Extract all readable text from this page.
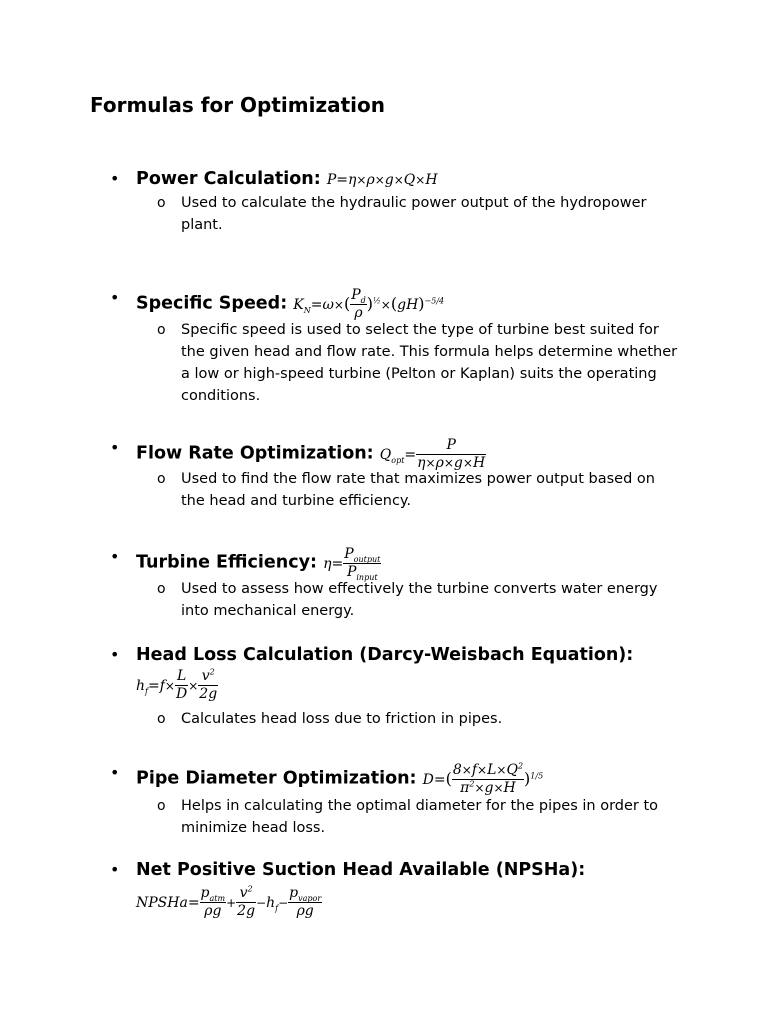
Formulas for Optimization
• Power Calculation: P=η×ρ×g×Q×H
o Used to calculate the hydraulic power output of the hydropower plant.
• Specific Speed: $K_N=\omega\times( \frac{P_d}{\rho} )^{\frac{1}{2}}\times(gH)^{-5/4}$
o Specific speed is used to select the type of turbine best suited for the given head and flow rate. This formula helps determine whether a low or high-speed turbine (Pelton or Kaplan) suits the operating conditions.
• Flow Rate Optimization: $Q_{opt}= \frac{P}{\eta\times\rho\times g\times H}$
o Used to find the flow rate that maximizes power output based on the head and turbine efficiency.
• Turbine Efficiency: $\eta= \frac{P_{output}}{P_{input}}$
o Used to assess how effectively the turbine converts water energy into mechanical energy.
• Head Loss Calculation (Darcy-Weisbach Equation):
$h_f=f\times \frac{L}{D} \times \frac{v^2}{2g}$
o Calculates head loss due to friction in pipes.
• Pipe Diameter Optimization: $D=( \frac{8\times f\times L\times Q^2}{\pi^2\times g\times H} )^{1/5}$
o Helps in calculating the optimal diameter for the pipes in order to minimize head loss.
• Net Positive Suction Head Available (NPSHa):
NPSHa= $\frac{p_{atm}}{\rho g} + \frac{v^2}{2g} -h_f- \frac{p_{vapor}}{\rho g}$
